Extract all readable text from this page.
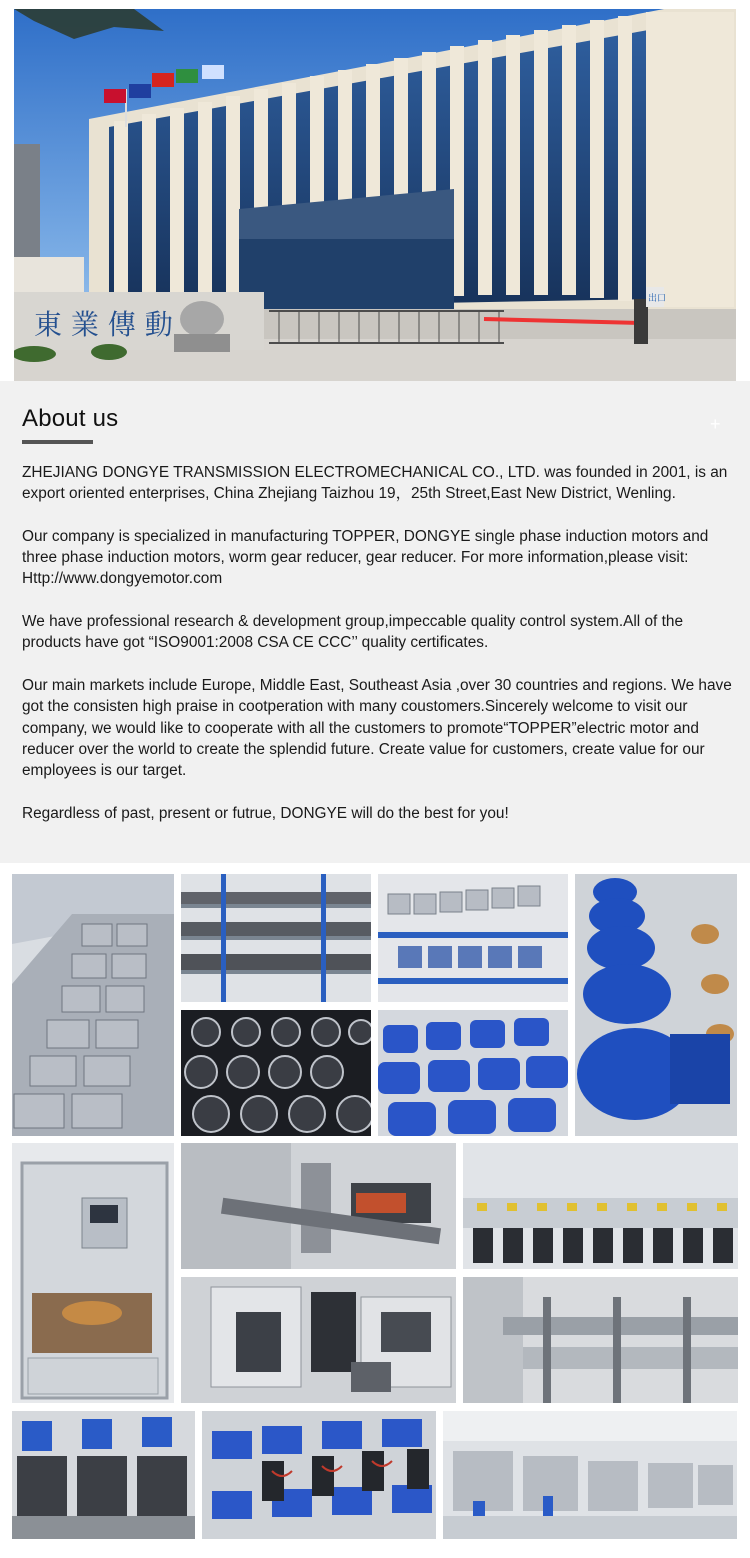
東 業 傳 動
出口
About us	+

ZHEJIANG DONGYE TRANSMISSION ELECTROMECHANICAL CO., LTD. was founded in 2001, is an export oriented enterprises, China Zhejiang Taizhou 19，25th Street,East New District, Wenling.

Our company is specialized in manufacturing TOPPER, DONGYE single phase induction motors and three phase induction motors, worm gear reducer, gear reducer. For more information,please visit: Http://www.dongyemotor.com

We have professional research & development group,impeccable quality control system.All of the products have got “ISO9001:2008 CSA CE CCC’’ quality certificates.

Our main markets include Europe, Middle East, Southeast Asia ,over 30 countries and regions. We have got the consisten high praise in cootperation with many coustomers.Sincerely welcome to visit our company, we would like to cooperate with all the customers to promote“TOPPER”electric motor and reducer over the world to create the splendid future. Create value for customers, create value for our employees is our target.

Regardless of past, present or futrue, DONGYE will do the best for you!
